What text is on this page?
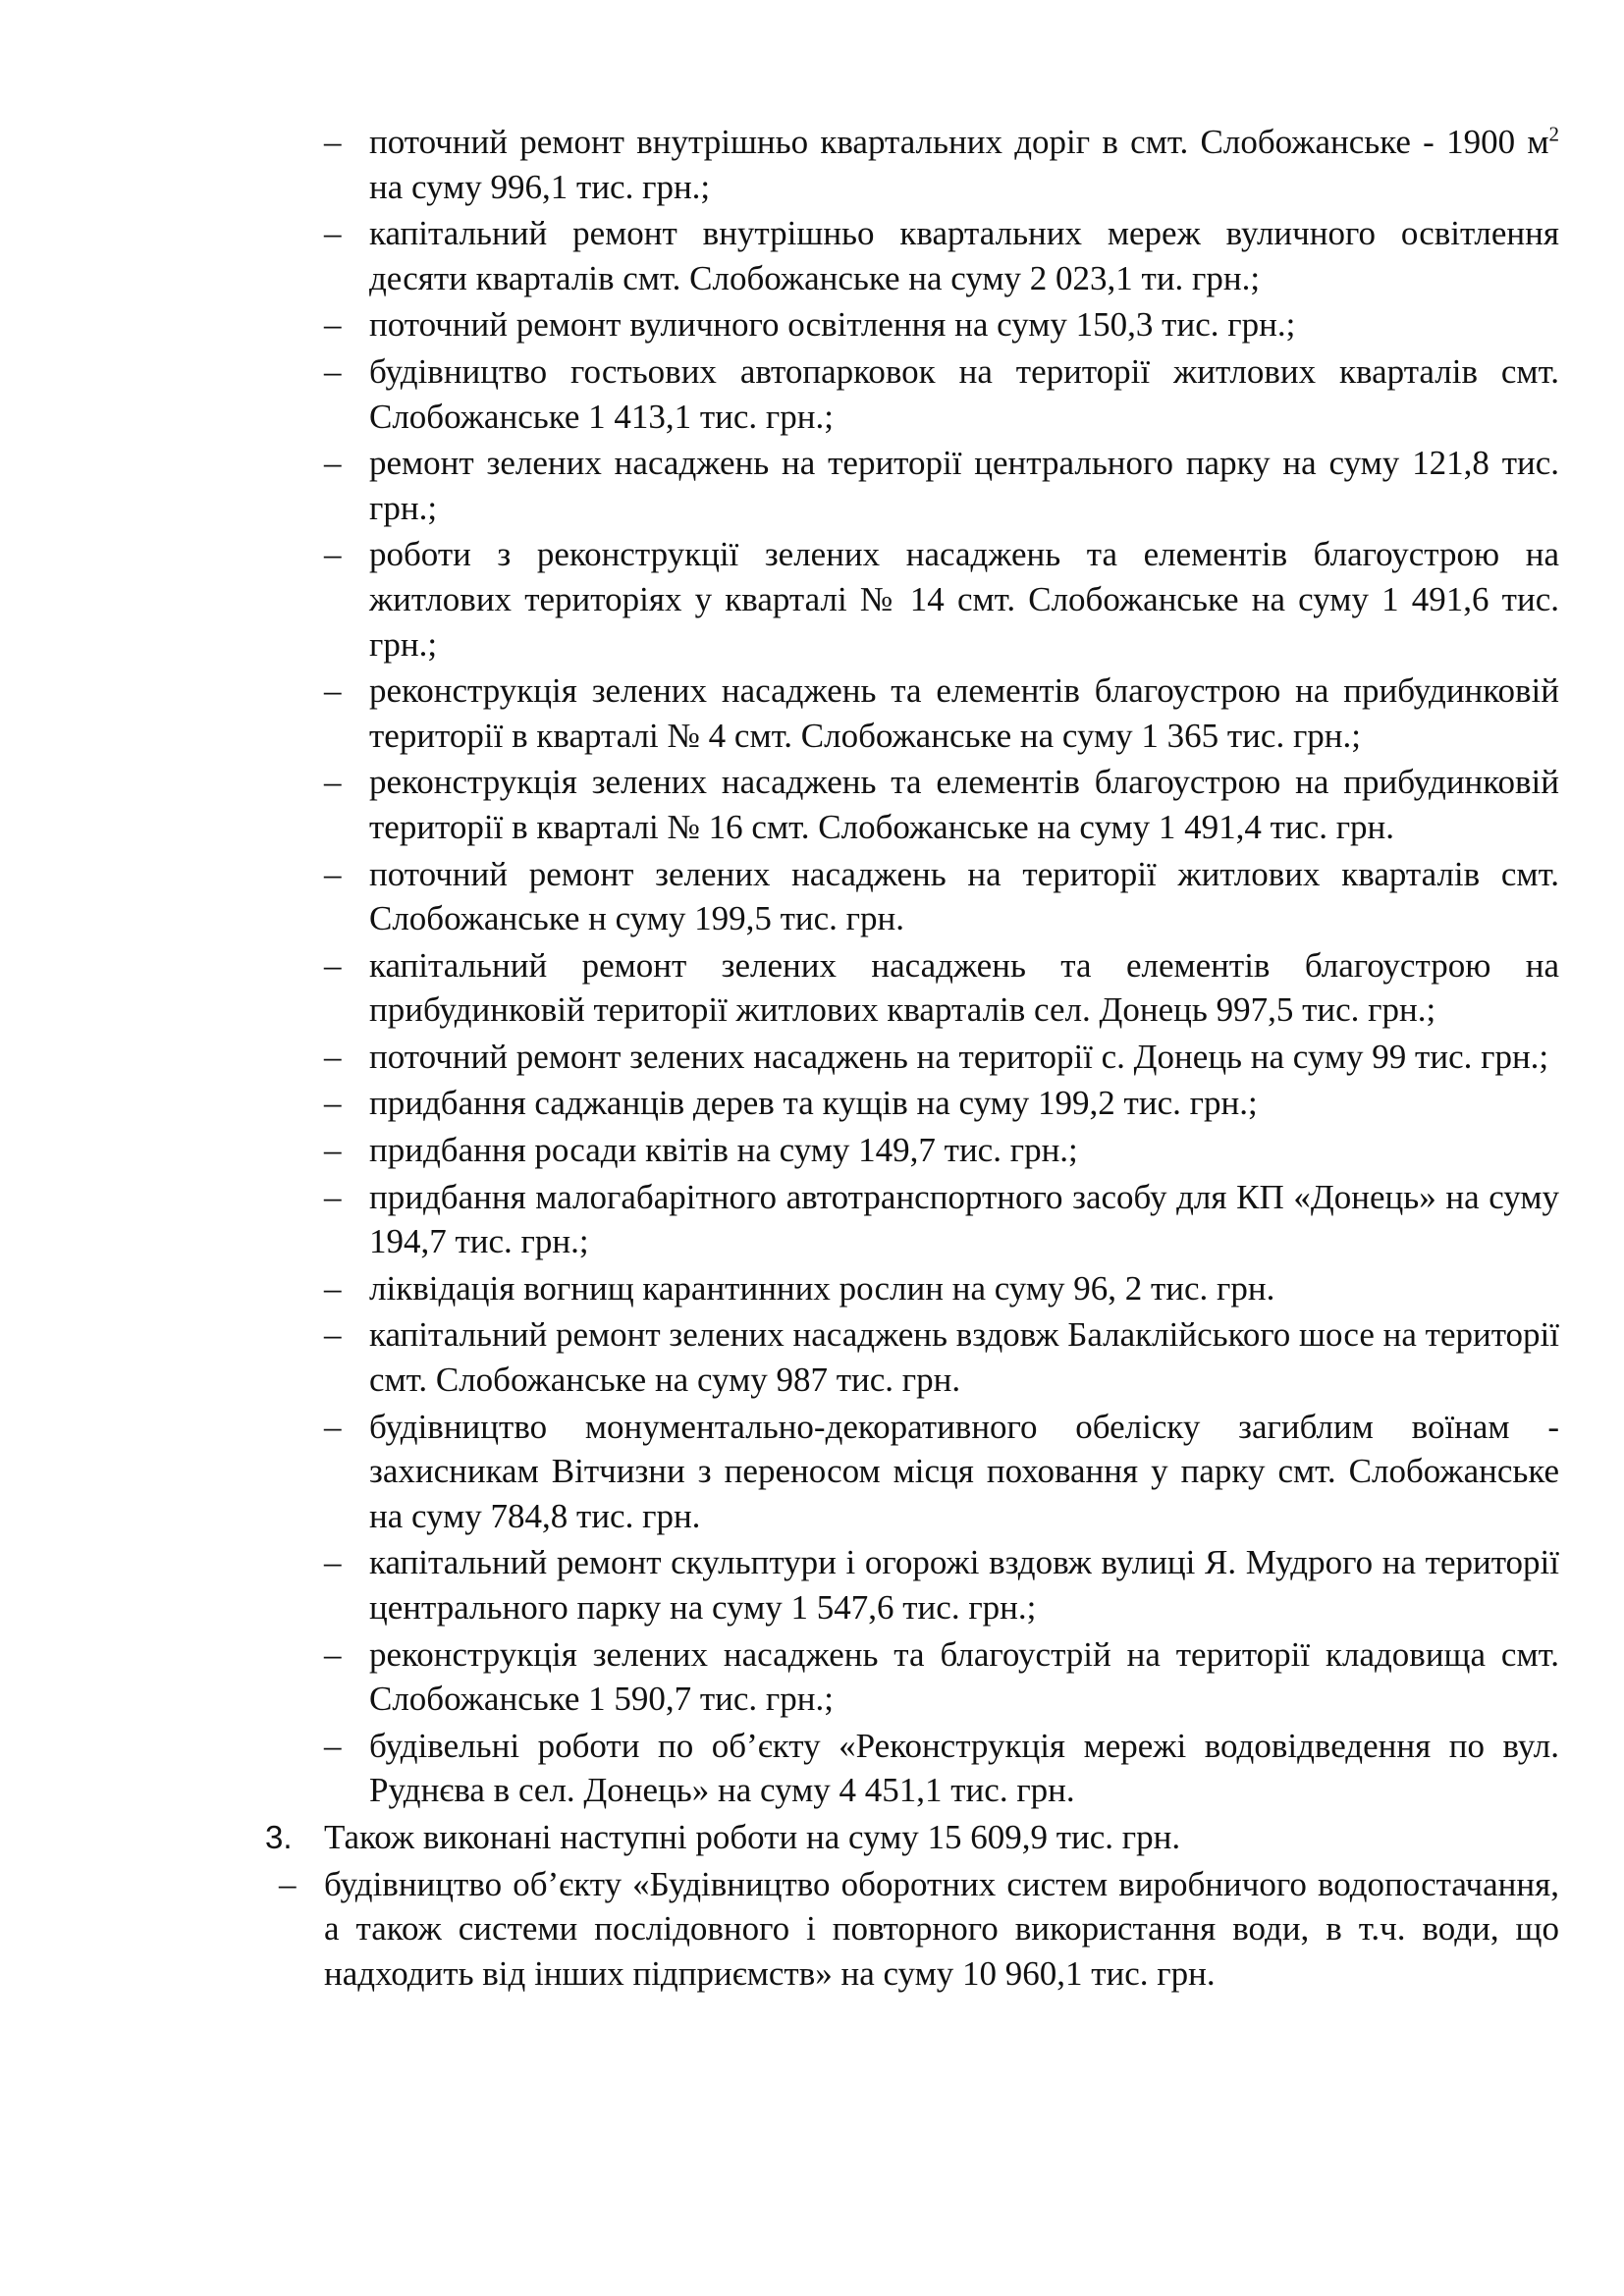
– поточний ремонт внутрішньо квартальних доріг в смт. Слобожанське - 1900 $м^2$ на суму 996,1 тис. грн.;
– капітальний ремонт внутрішньо квартальних мереж вуличного освітлення десяти кварталів смт. Слобожанське на суму 2 023,1 ти. грн.;
– поточний ремонт вуличного освітлення на суму 150,3 тис. грн.;
– будівництво гостьових автопарковок на території житлових кварталів смт. Слобожанське 1 413,1 тис. грн.;
– ремонт зелених насаджень на території центрального парку на суму 121,8 тис. грн.;
– роботи з реконструкції зелених насаджень та елементів благоустрою на житлових територіях у кварталі № 14 смт. Слобожанське на суму 1 491,6 тис. грн.;
– реконструкція зелених насаджень та елементів благоустрою на прибудинковій території в кварталі № 4 смт. Слобожанське на суму 1 365 тис. грн.;
– реконструкція зелених насаджень та елементів благоустрою на прибудинковій території в кварталі № 16 смт. Слобожанське на суму 1 491,4 тис. грн.
– поточний ремонт зелених насаджень на території житлових кварталів смт. Слобожанське н суму 199,5 тис. грн.
– капітальний ремонт зелених насаджень та елементів благоустрою на прибудинковій території житлових кварталів сел. Донець 997,5 тис. грн.;
– поточний ремонт зелених насаджень на території с. Донець на суму 99 тис. грн.;
– придбання саджанців дерев та кущів на суму 199,2 тис. грн.;
– придбання росади квітів на суму 149,7 тис. грн.;
– придбання малогабарітного автотранспортного засобу для КП «Донець» на суму 194,7 тис. грн.;
– ліквідація вогнищ карантинних рослин на суму 96, 2 тис. грн.
– капітальний ремонт зелених насаджень вздовж Балаклійського шосе на території смт. Слобожанське на суму 987 тис. грн.
– будівництво монументально-декоративного обеліску загиблим воїнам - захисникам Вітчизни з переносом місця поховання у парку смт. Слобожанське на суму 784,8 тис. грн.
– капітальний ремонт скульптури і огорожі вздовж вулиці Я. Мудрого на території центрального парку на суму 1 547,6 тис. грн.;
– реконструкція зелених насаджень та благоустрій на території кладовища смт. Слобожанське 1 590,7 тис. грн.;
– будівельні роботи по об’єкту «Реконструкція мережі водовідведення по вул. Руднєва в сел. Донець» на суму 4 451,1 тис. грн.
3. Також виконані наступні роботи на суму 15 609,9 тис. грн.
– будівництво об’єкту «Будівництво оборотних систем виробничого водопостачання, а також системи послідовного і повторного використання води, в т.ч. води, що надходить від інших підприємств» на суму 10 960,1 тис. грн.
